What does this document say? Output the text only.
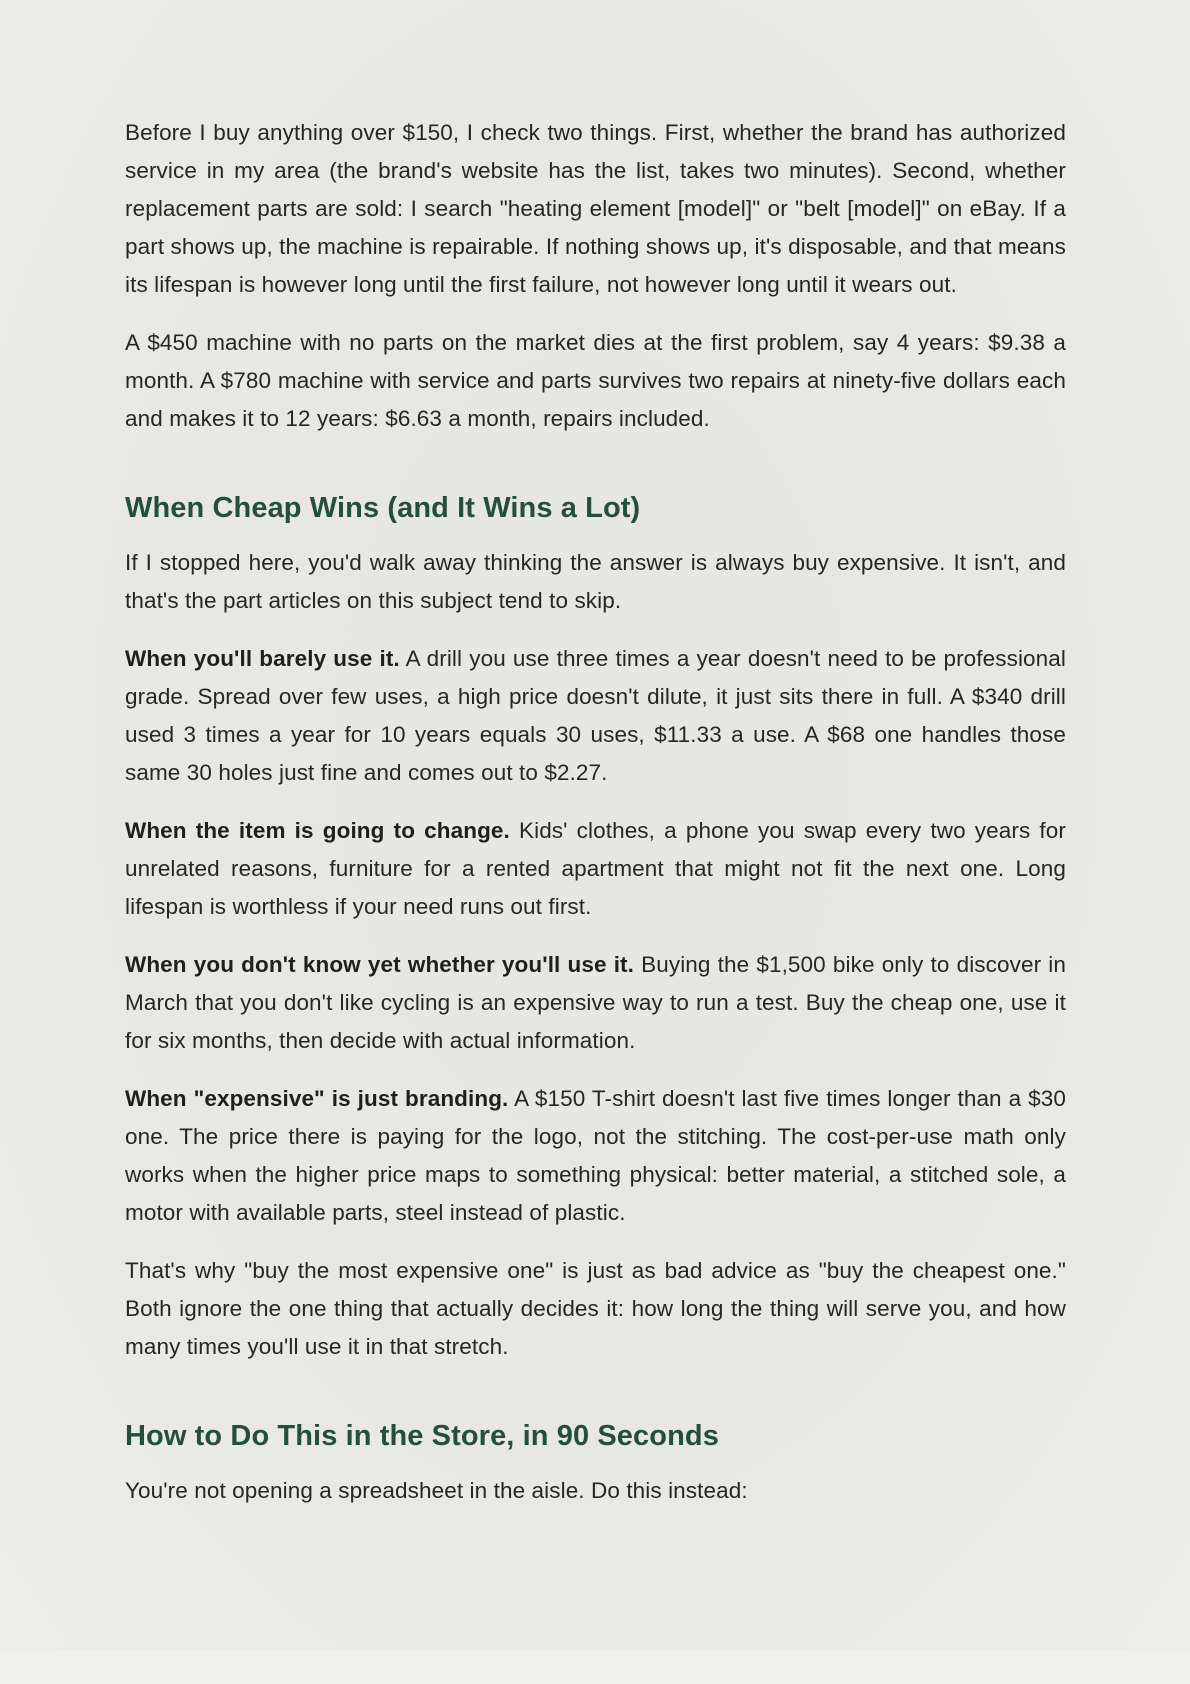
Before I buy anything over $150, I check two things. First, whether the brand has authorized service in my area (the brand's website has the list, takes two minutes). Second, whether replacement parts are sold: I search "heating element [model]" or "belt [model]" on eBay. If a part shows up, the machine is repairable. If nothing shows up, it's disposable, and that means its lifespan is however long until the first failure, not however long until it wears out.

A $450 machine with no parts on the market dies at the first problem, say 4 years: $9.38 a month. A $780 machine with service and parts survives two repairs at ninety-five dollars each and makes it to 12 years: $6.63 a month, repairs included.

When Cheap Wins (and It Wins a Lot)

If I stopped here, you'd walk away thinking the answer is always buy expensive. It isn't, and that's the part articles on this subject tend to skip.

When you'll barely use it. A drill you use three times a year doesn't need to be professional grade. Spread over few uses, a high price doesn't dilute, it just sits there in full. A $340 drill used 3 times a year for 10 years equals 30 uses, $11.33 a use. A $68 one handles those same 30 holes just fine and comes out to $2.27.

When the item is going to change. Kids' clothes, a phone you swap every two years for unrelated reasons, furniture for a rented apartment that might not fit the next one. Long lifespan is worthless if your need runs out first.

When you don't know yet whether you'll use it. Buying the $1,500 bike only to discover in March that you don't like cycling is an expensive way to run a test. Buy the cheap one, use it for six months, then decide with actual information.

When "expensive" is just branding. A $150 T-shirt doesn't last five times longer than a $30 one. The price there is paying for the logo, not the stitching. The cost-per-use math only works when the higher price maps to something physical: better material, a stitched sole, a motor with available parts, steel instead of plastic.

That's why "buy the most expensive one" is just as bad advice as "buy the cheapest one." Both ignore the one thing that actually decides it: how long the thing will serve you, and how many times you'll use it in that stretch.

How to Do This in the Store, in 90 Seconds

You're not opening a spreadsheet in the aisle. Do this instead:
